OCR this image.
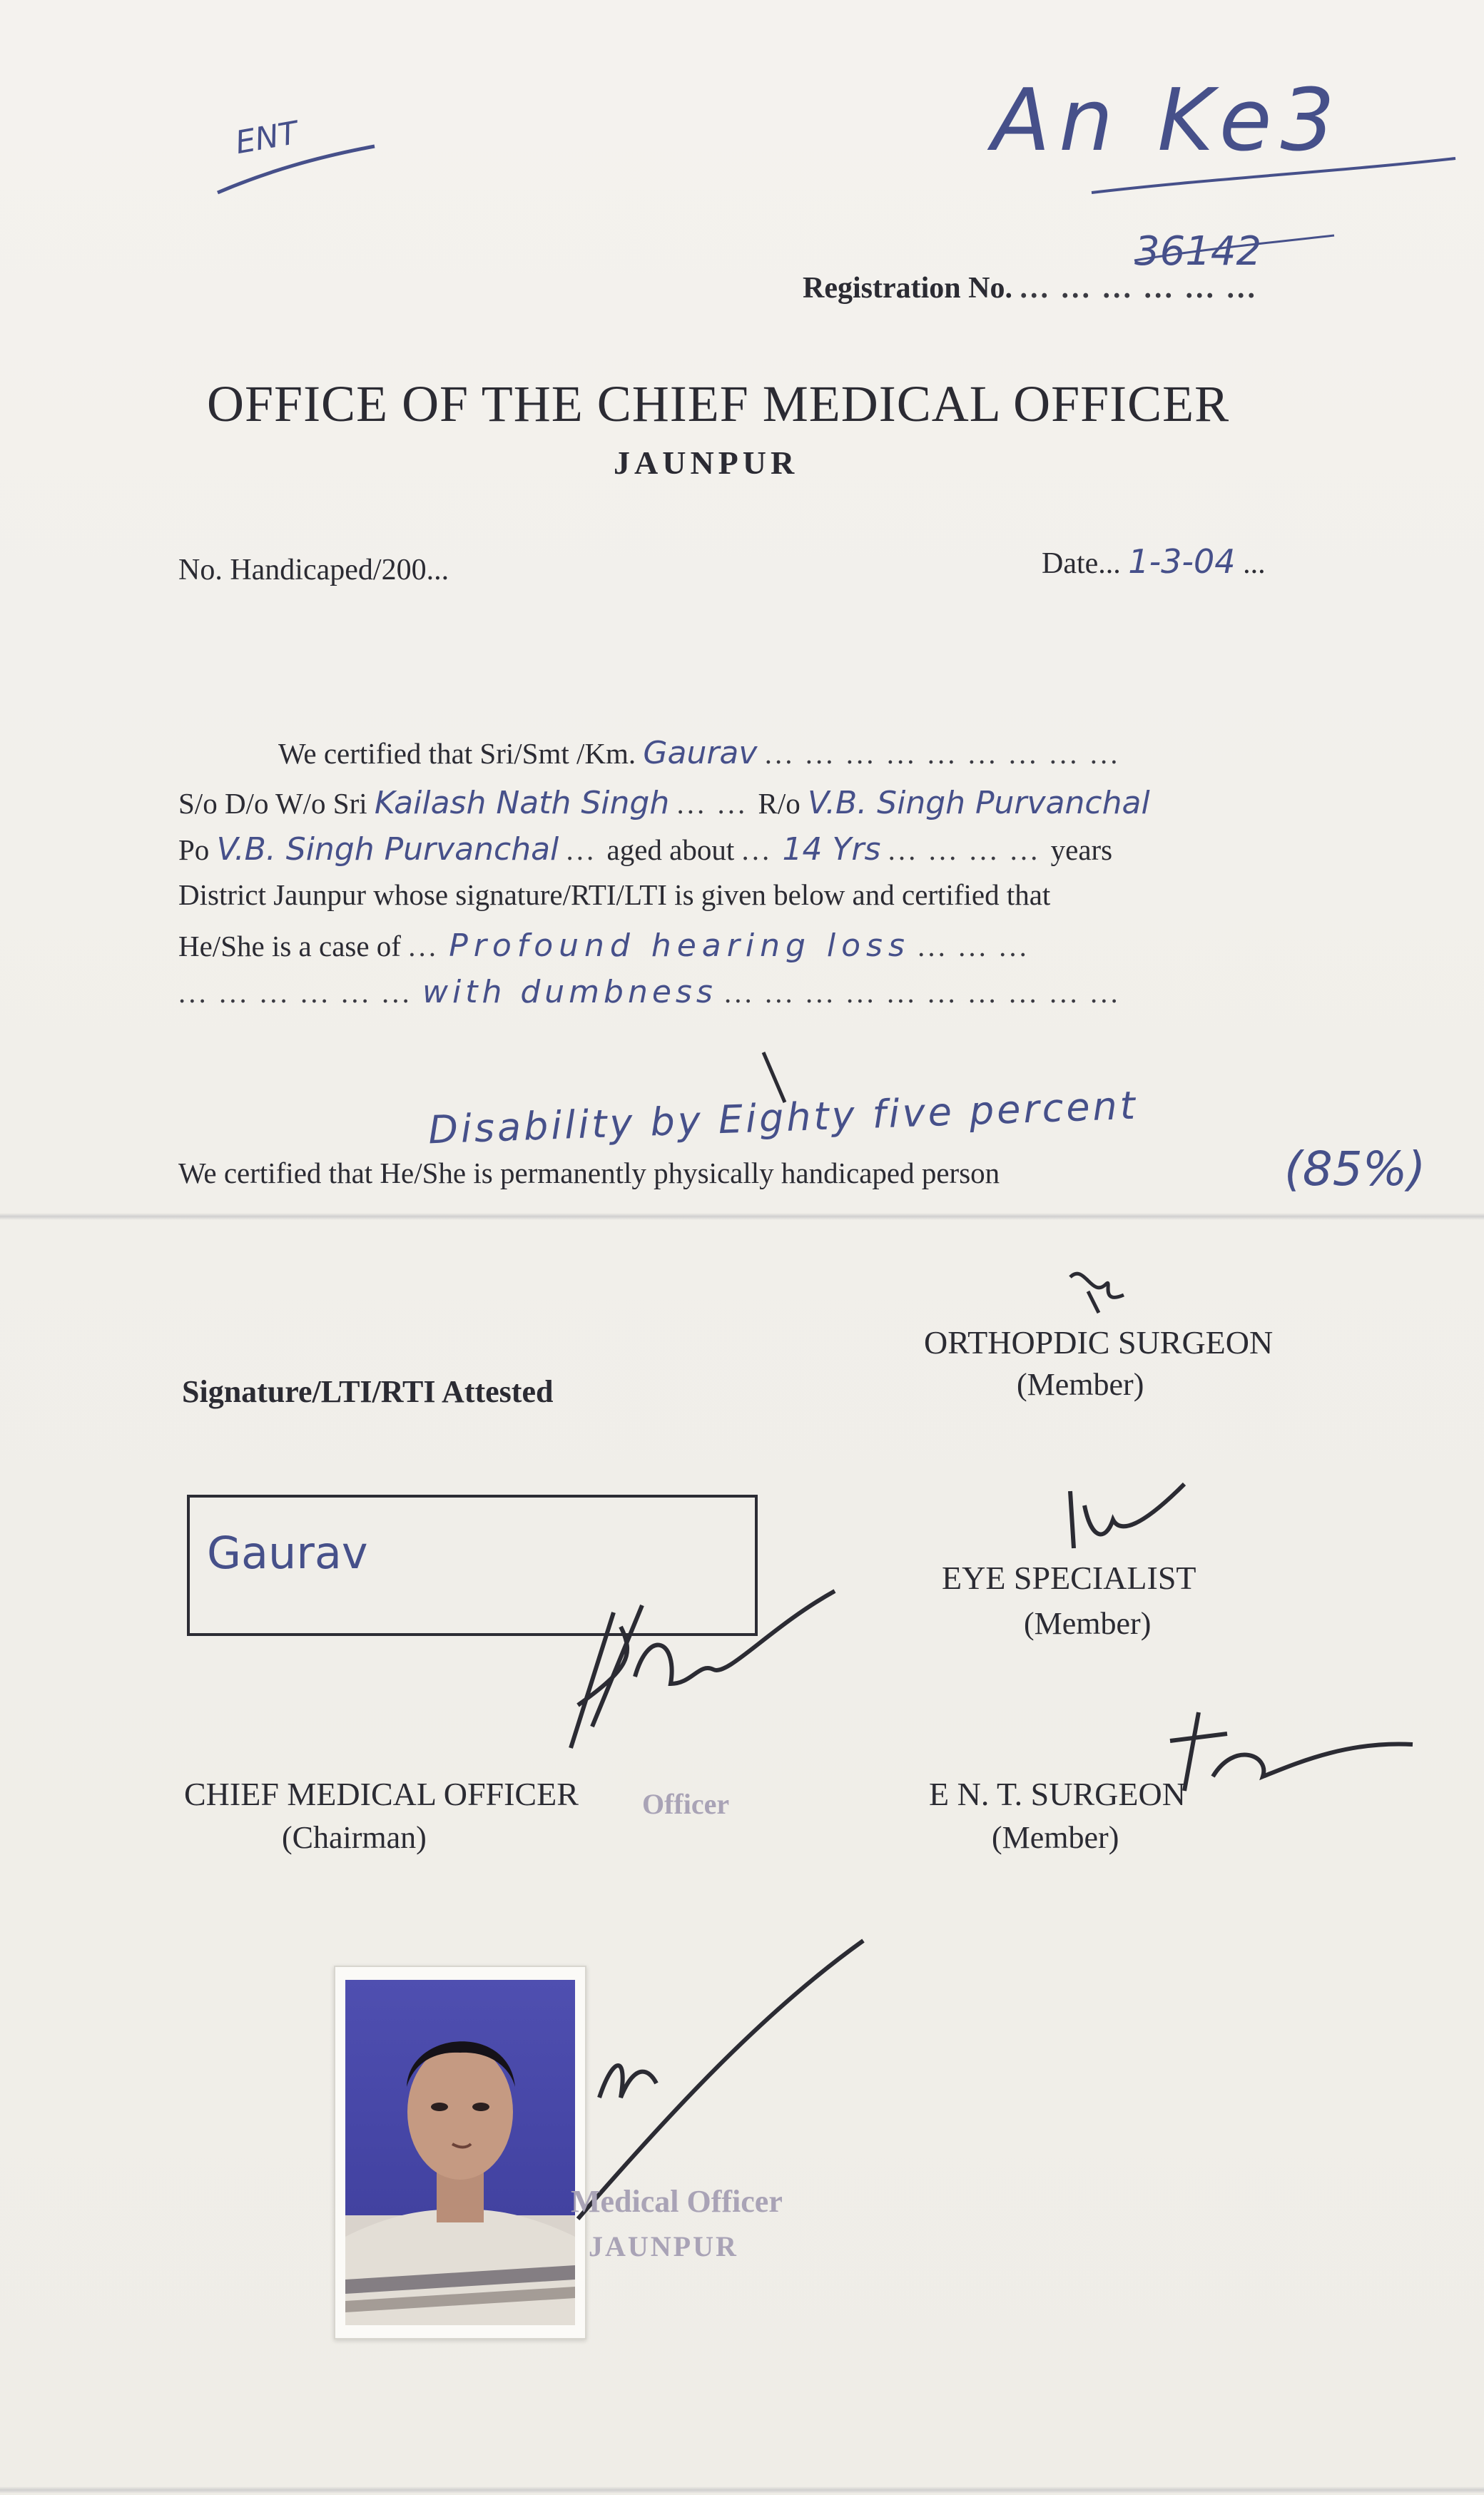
ENT	An Ke3
Registration No. ... ... ... ... ... ...
36142
OFFICE OF THE CHIEF MEDICAL OFFICER
JAUNPUR
No. Handicaped/200...	Date... 1-3-04 ...
We certified that Sri/Smt /Km. Gaurav ... ... ... ... ... ... ... ... ...
S/o D/o W/o Sri Kailash Nath Singh ... ... R/o V.B. Singh Purvanchal
Po V.B. Singh Purvanchal ... aged about ... 14 Yrs ... ... ... ... years
District Jaunpur whose signature/RTI/LTI is given below and certified that
He/She is a case of ... Profound hearing loss ... ... ...
... ... ... ... ... ... with dumbness ... ... ... ... ... ... ... ... ... ...
Disability by Eighty five percent
We certified that He/She is permanently physically handicaped person	(85%)
ORTHOPDIC SURGEON
(Member)
Signature/LTI/RTI Attested
Gaurav	EYE SPECIALIST
(Member)
Officer
CHIEF MEDICAL OFFICER
(Chairman)
E N. T. SURGEON
(Member)
Medical Officer
JAUNPUR
